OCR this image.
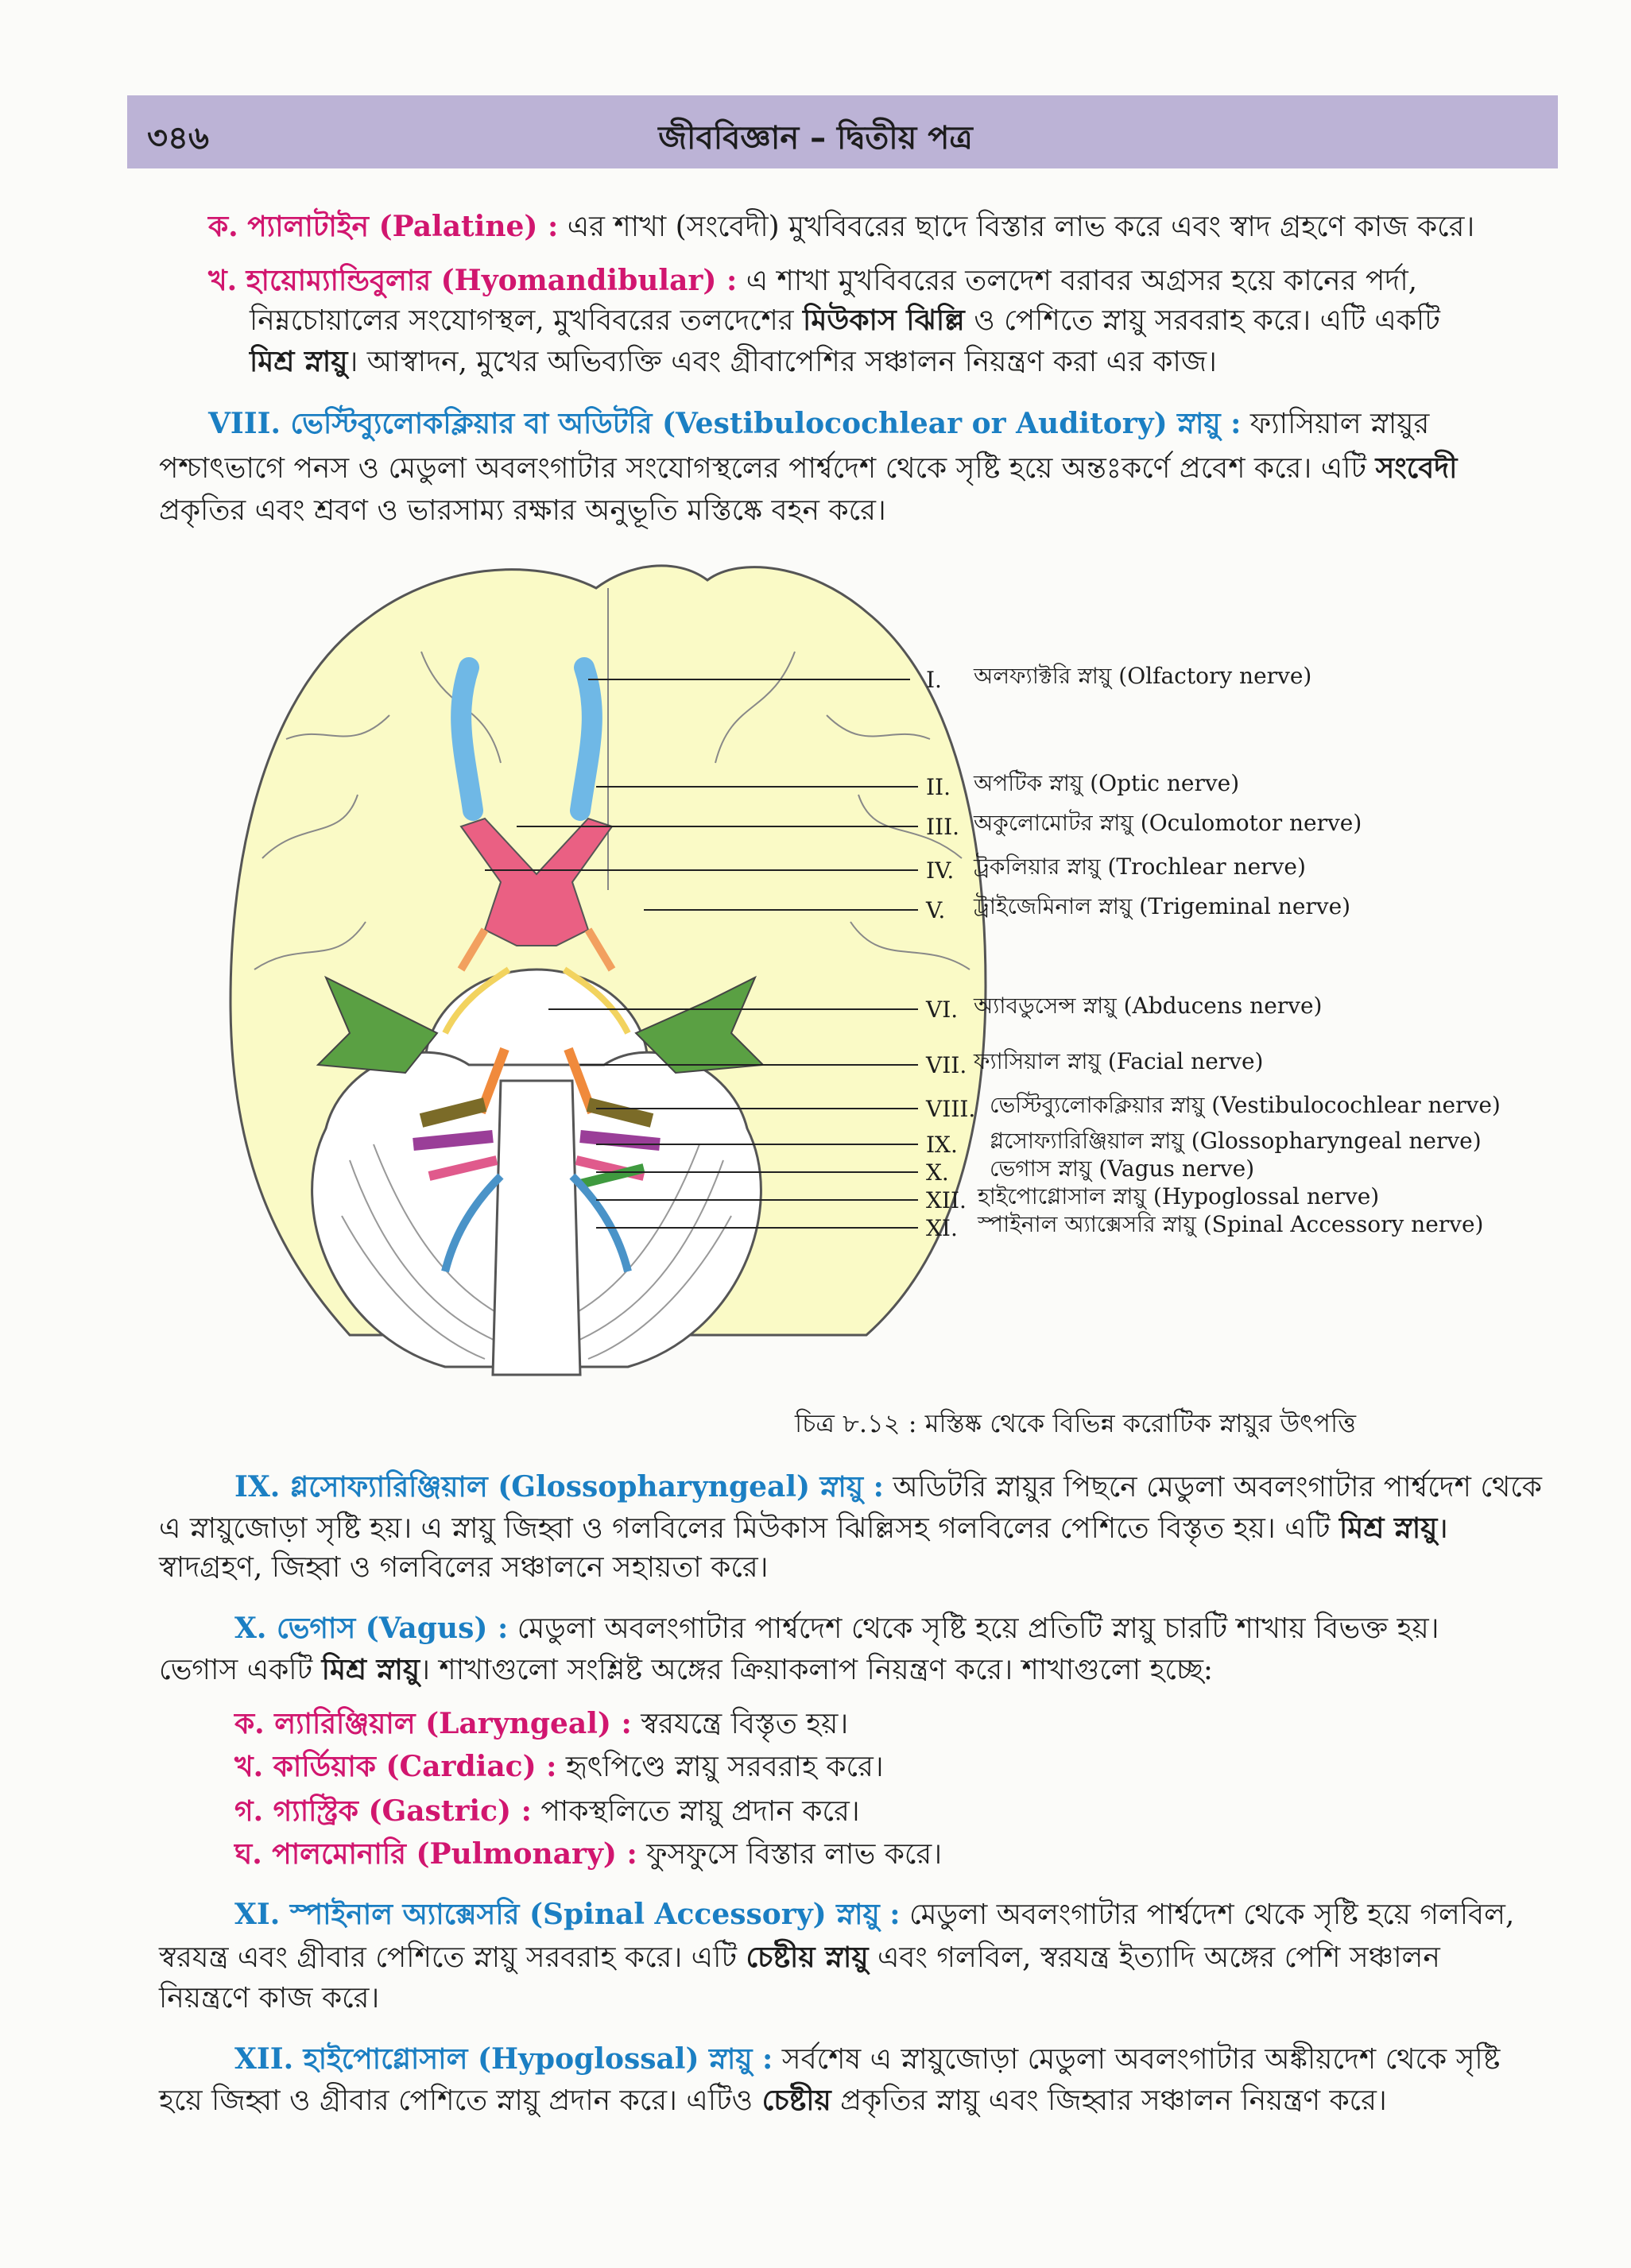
৩৪৬	জীববিজ্ঞান – দ্বিতীয় পত্র
ক. প্যালাটাইন (Palatine) : এর শাখা (সংবেদী) মুখবিবরের ছাদে বিস্তার লাভ করে এবং স্বাদ গ্রহণে কাজ করে।
খ. হায়োম্যান্ডিবুলার (Hyomandibular) : এ শাখা মুখবিবরের তলদেশ বরাবর অগ্রসর হয়ে কানের পর্দা,
নিম্নচোয়ালের সংযোগস্থল, মুখবিবরের তলদেশের মিউকাস ঝিল্লি ও পেশিতে স্নায়ু সরবরাহ করে। এটি একটি
মিশ্র স্নায়ু। আস্বাদন, মুখের অভিব্যক্তি এবং গ্রীবাপেশির সঞ্চালন নিয়ন্ত্রণ করা এর কাজ।
VIII. ভেস্টিব্যুলোকক্লিয়ার বা অডিটরি (Vestibulocochlear or Auditory) স্নায়ু : ফ্যাসিয়াল স্নায়ুর
পশ্চাৎভাগে পনস ও মেডুলা অবলংগাটার সংযোগস্থলের পার্শ্বদেশ থেকে সৃষ্টি হয়ে অন্তঃকর্ণে প্রবেশ করে। এটি সংবেদী
প্রকৃতির এবং শ্রবণ ও ভারসাম্য রক্ষার অনুভূতি মস্তিষ্কে বহন করে।
I. অলফ্যাক্টরি স্নায়ু (Olfactory nerve)
II. অপটিক স্নায়ু (Optic nerve)
III. অকুলোমোটর স্নায়ু (Oculomotor nerve)
IV. ট্রকলিয়ার স্নায়ু (Trochlear nerve)
V. ট্রাইজেমিনাল স্নায়ু (Trigeminal nerve)
VI. অ্যাবডুসেন্স স্নায়ু (Abducens nerve)
VII. ফ্যাসিয়াল স্নায়ু (Facial nerve)
VIII. ভেস্টিব্যুলোকক্লিয়ার স্নায়ু (Vestibulocochlear nerve)
IX. গ্লসোফ্যারিঞ্জিয়াল স্নায়ু (Glossopharyngeal nerve)
X. ভেগাস স্নায়ু (Vagus nerve)
XII. হাইপোগ্লোসাল স্নায়ু (Hypoglossal nerve)
XI. স্পাইনাল অ্যাক্সেসরি স্নায়ু (Spinal Accessory nerve)
চিত্র ৮.১২ : মস্তিষ্ক থেকে বিভিন্ন করোটিক স্নায়ুর উৎপত্তি
IX. গ্লসোফ্যারিঞ্জিয়াল (Glossopharyngeal) স্নায়ু : অডিটরি স্নায়ুর পিছনে মেডুলা অবলংগাটার পার্শ্বদেশ থেকে
এ স্নায়ুজোড়া সৃষ্টি হয়। এ স্নায়ু জিহ্বা ও গলবিলের মিউকাস ঝিল্লিসহ গলবিলের পেশিতে বিস্তৃত হয়। এটি মিশ্র স্নায়ু।
স্বাদগ্রহণ, জিহ্বা ও গলবিলের সঞ্চালনে সহায়তা করে।
X. ভেগাস (Vagus) : মেডুলা অবলংগাটার পার্শ্বদেশ থেকে সৃষ্টি হয়ে প্রতিটি স্নায়ু চারটি শাখায় বিভক্ত হয়।
ভেগাস একটি মিশ্র স্নায়ু। শাখাগুলো সংশ্লিষ্ট অঙ্গের ক্রিয়াকলাপ নিয়ন্ত্রণ করে। শাখাগুলো হচ্ছে:
ক. ল্যারিঞ্জিয়াল (Laryngeal) : স্বরযন্ত্রে বিস্তৃত হয়।
খ. কার্ডিয়াক (Cardiac) : হৃৎপিণ্ডে স্নায়ু সরবরাহ করে।
গ. গ্যাস্ট্রিক (Gastric) : পাকস্থলিতে স্নায়ু প্রদান করে।
ঘ. পালমোনারি (Pulmonary) : ফুসফুসে বিস্তার লাভ করে।
XI. স্পাইনাল অ্যাক্সেসরি (Spinal Accessory) স্নায়ু : মেডুলা অবলংগাটার পার্শ্বদেশ থেকে সৃষ্টি হয়ে গলবিল,
স্বরযন্ত্র এবং গ্রীবার পেশিতে স্নায়ু সরবরাহ করে। এটি চেষ্টীয় স্নায়ু এবং গলবিল, স্বরযন্ত্র ইত্যাদি অঙ্গের পেশি সঞ্চালন
নিয়ন্ত্রণে কাজ করে।
XII. হাইপোগ্লোসাল (Hypoglossal) স্নায়ু : সর্বশেষ এ স্নায়ুজোড়া মেডুলা অবলংগাটার অঙ্কীয়দেশ থেকে সৃষ্টি
হয়ে জিহ্বা ও গ্রীবার পেশিতে স্নায়ু প্রদান করে। এটিও চেষ্টীয় প্রকৃতির স্নায়ু এবং জিহ্বার সঞ্চালন নিয়ন্ত্রণ করে।
